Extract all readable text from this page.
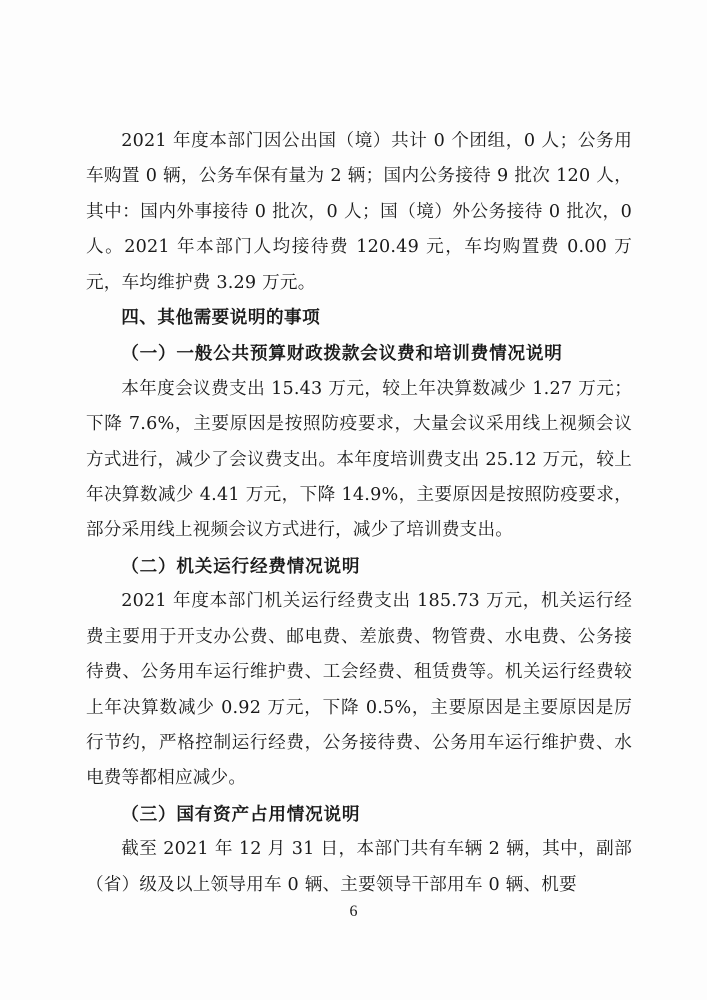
2021 年度本部门因公出国（境）共计 0 个团组，0 人；公务用车购置 0 辆，公务车保有量为 2 辆；国内公务接待 9 批次 120 人，其中：国内外事接待 0 批次，0 人；国（境）外公务接待 0 批次，0 人。2021 年本部门人均接待费 120.49 元，车均购置费 0.00 万元，车均维护费 3.29 万元。

四、其他需要说明的事项

（一）一般公共预算财政拨款会议费和培训费情况说明

本年度会议费支出 15.43 万元，较上年决算数减少 1.27 万元；下降 7.6%，主要原因是按照防疫要求，大量会议采用线上视频会议方式进行，减少了会议费支出。本年度培训费支出 25.12 万元，较上年决算数减少 4.41 万元，下降 14.9%，主要原因是按照防疫要求，部分采用线上视频会议方式进行，减少了培训费支出。

（二）机关运行经费情况说明

2021 年度本部门机关运行经费支出 185.73 万元，机关运行经费主要用于开支办公费、邮电费、差旅费、物管费、水电费、公务接待费、公务用车运行维护费、工会经费、租赁费等。机关运行经费较上年决算数减少 0.92 万元，下降 0.5%，主要原因是主要原因是厉行节约，严格控制运行经费，公务接待费、公务用车运行维护费、水电费等都相应减少。

（三）国有资产占用情况说明

截至 2021 年 12 月 31 日，本部门共有车辆 2 辆，其中，副部（省）级及以上领导用车 0 辆、主要领导干部用车 0 辆、机要

6
